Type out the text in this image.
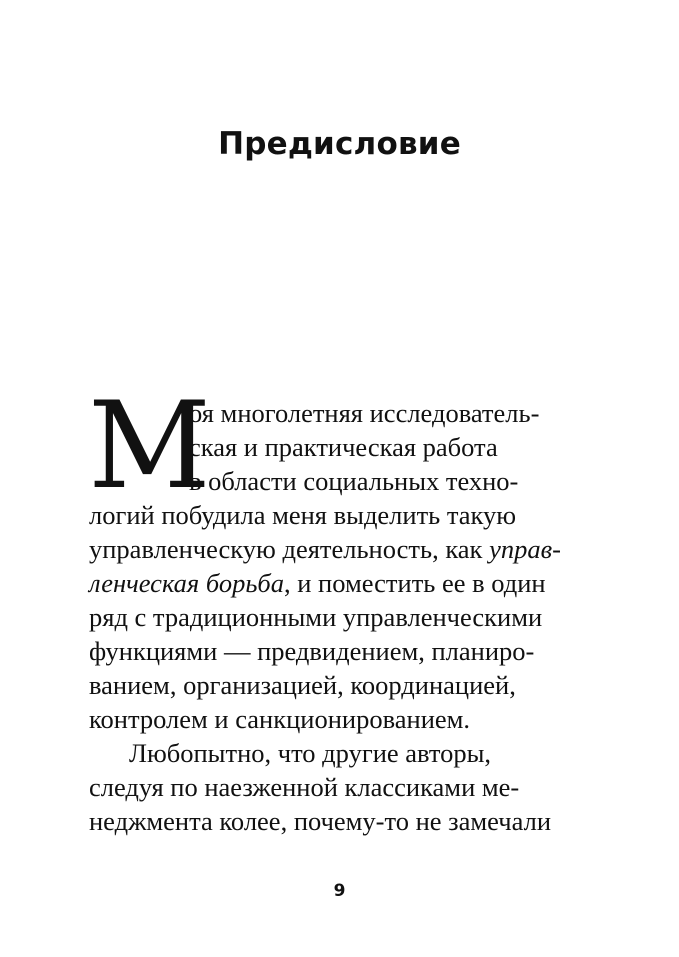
Предисловие
М
оя многолетняя исследователь-
ская и практическая работа
в области социальных техно-
логий побудила меня выделить такую
управленческую деятельность, как управ-
ленческая борьба, и поместить ее в один
ряд с традиционными управленческими
функциями — предвидением, планиро-
ванием, организацией, координацией,
контролем и санкционированием.
Любопытно, что другие авторы,
следуя по наезженной классиками ме-
неджмента колее, почему-то не замечали
9
